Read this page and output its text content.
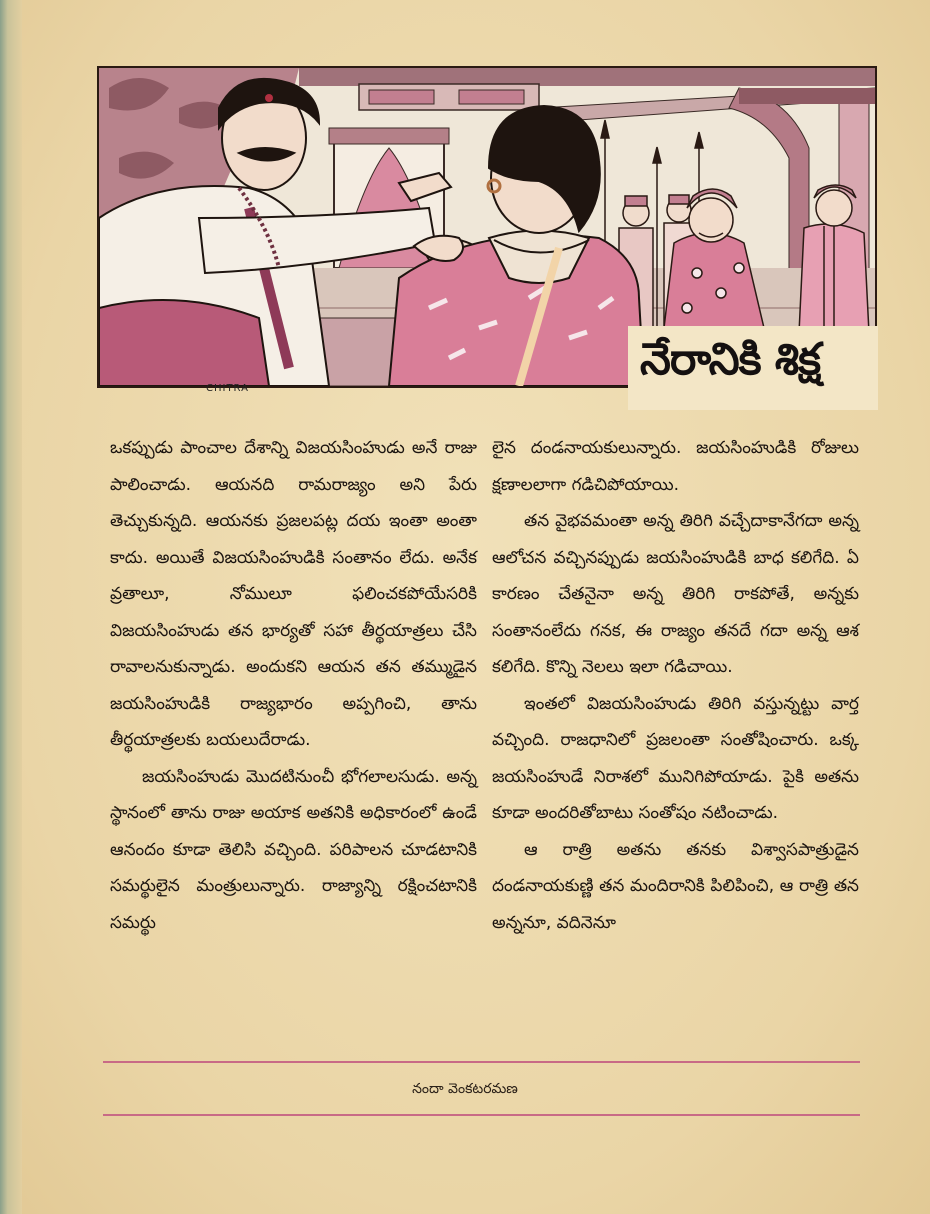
నేరానికి శిక్ష
CHITRA

ఒకప్పుడు పాంచాల దేశాన్ని విజయసింహుడు అనే రాజు పాలించాడు. ఆయనది రామరాజ్యం అని పేరు తెచ్చుకున్నది. ఆయనకు ప్రజలపట్ల దయ ఇంతా అంతా కాదు. అయితే విజయసింహుడికి సంతానం లేదు. అనేక వ్రతాలూ, నోములూ ఫలించకపోయేసరికి విజయసింహుడు తన భార్యతో సహా తీర్థయాత్రలు చేసి రావాలనుకున్నాడు. అందుకని ఆయన తన తమ్ముడైన జయసింహుడికి రాజ్యభారం అప్పగించి, తాను తీర్థయాత్రలకు బయలుదేరాడు.

జయసింహుడు మొదటినుంచీ భోగలాలసుడు. అన్న స్థానంలో తాను రాజు అయాక అతనికి అధికారంలో ఉండే ఆనందం కూడా తెలిసి వచ్చింది. పరిపాలన చూడటానికి సమర్థులైన మంత్రులున్నారు. రాజ్యాన్ని రక్షించటానికి సమర్థు

లైన దండనాయకులున్నారు. జయసింహుడికి రోజులు క్షణాలలాగా గడిచిపోయాయి.

తన వైభవమంతా అన్న తిరిగి వచ్చేదాకానేగదా అన్న ఆలోచన వచ్చినప్పుడు జయసింహుడికి బాధ కలిగేది. ఏ కారణం చేతనైనా అన్న తిరిగి రాకపోతే, అన్నకు సంతానంలేదు గనక, ఈ రాజ్యం తనదే గదా అన్న ఆశ కలిగేది. కొన్ని నెలలు ఇలా గడిచాయి.

ఇంతలో విజయసింహుడు తిరిగి వస్తున్నట్టు వార్త వచ్చింది. రాజధానిలో ప్రజలంతా సంతోషించారు. ఒక్క జయసింహుడే నిరాశలో మునిగిపోయాడు. పైకి అతను కూడా అందరితోబాటు సంతోషం నటించాడు.

ఆ రాత్రి అతను తనకు విశ్వాసపాత్రుడైన దండనాయకుణ్ణి తన మందిరానికి పిలిపించి, ఆ రాత్రి తన అన్ననూ, వదినెనూ

నందా వెంకటరమణ
